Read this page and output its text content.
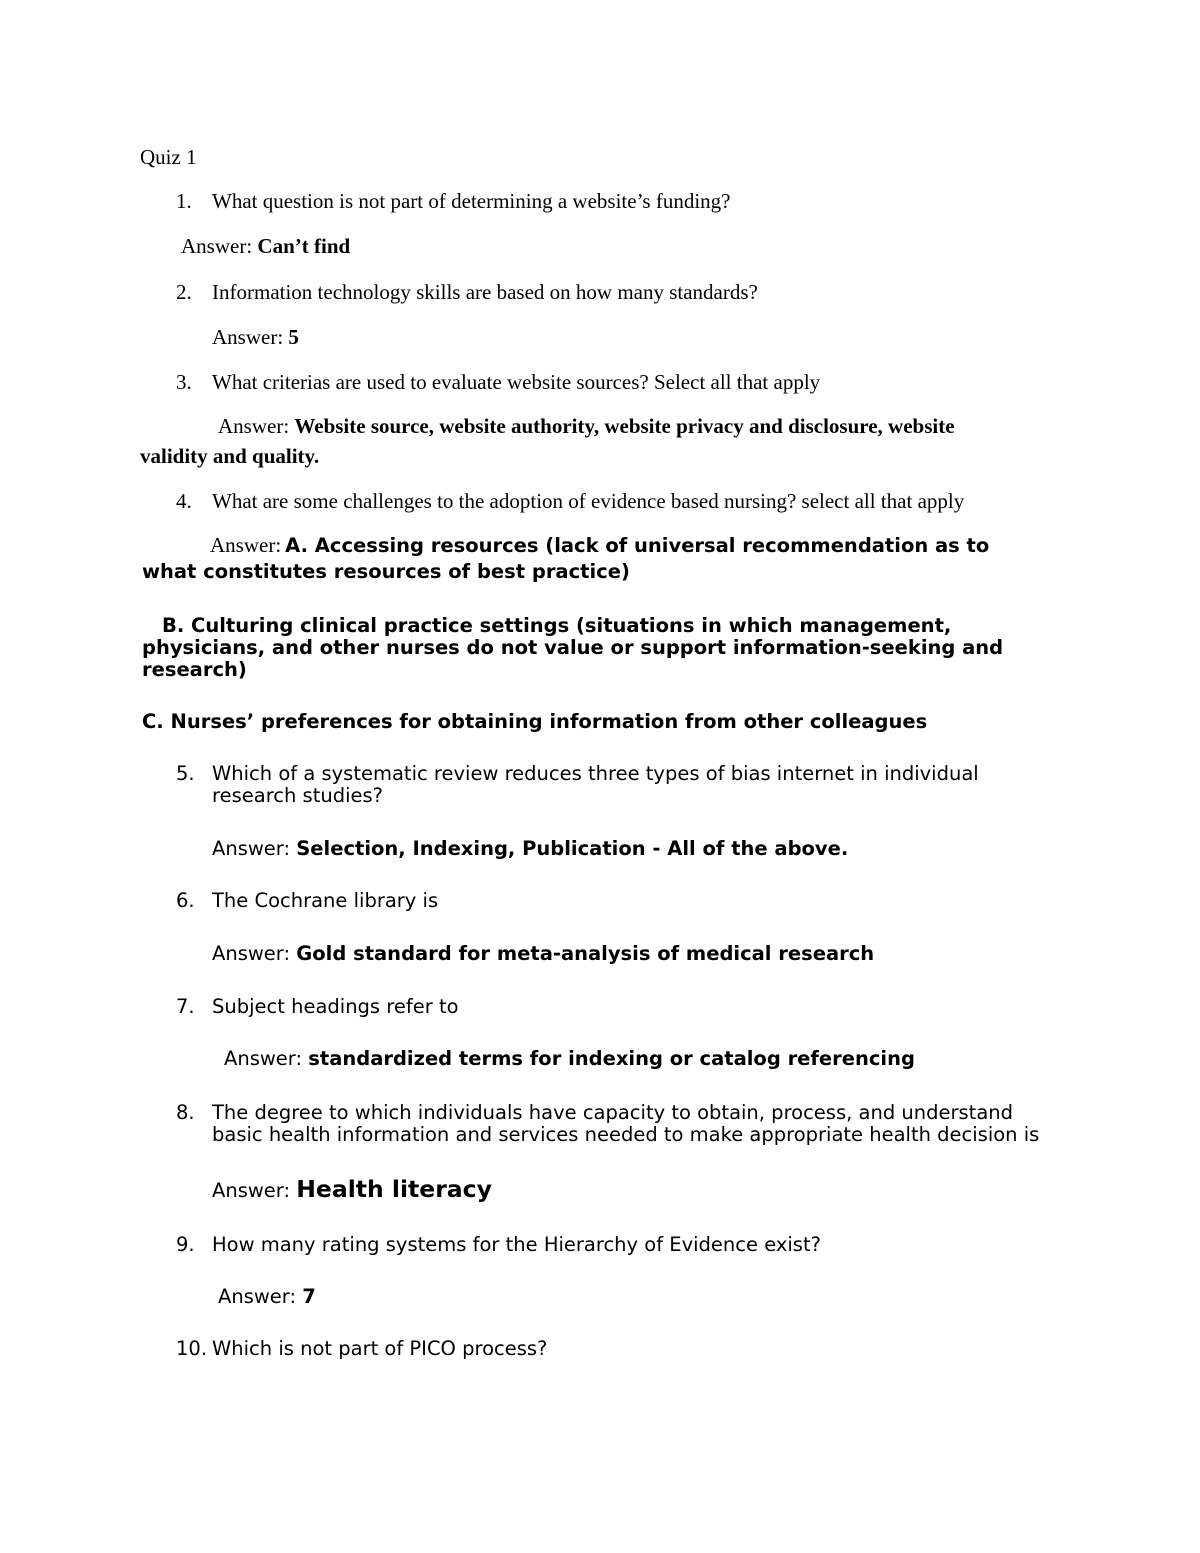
Quiz 1
1. What question is not part of determining a website’s funding?
Answer: Can’t find
2. Information technology skills are based on how many standards?
Answer: 5
3. What criterias are used to evaluate website sources? Select all that apply
Answer: Website source, website authority, website privacy and disclosure, website
validity and quality.
4. What are some challenges to the adoption of evidence based nursing? select all that apply
Answer: A. Accessing resources (lack of universal recommendation as to
what constitutes resources of best practice)
B. Culturing clinical practice settings (situations in which management,
physicians, and other nurses do not value or support information-seeking and
research)
C. Nurses’ preferences for obtaining information from other colleagues
5. Which of a systematic review reduces three types of bias internet in individual
research studies?
Answer: Selection, Indexing, Publication - All of the above.
6. The Cochrane library is
Answer: Gold standard for meta-analysis of medical research
7. Subject headings refer to
Answer: standardized terms for indexing or catalog referencing
8. The degree to which individuals have capacity to obtain, process, and understand
basic health information and services needed to make appropriate health decision is
Answer: Health literacy
9. How many rating systems for the Hierarchy of Evidence exist?
Answer: 7
10. Which is not part of PICO process?
